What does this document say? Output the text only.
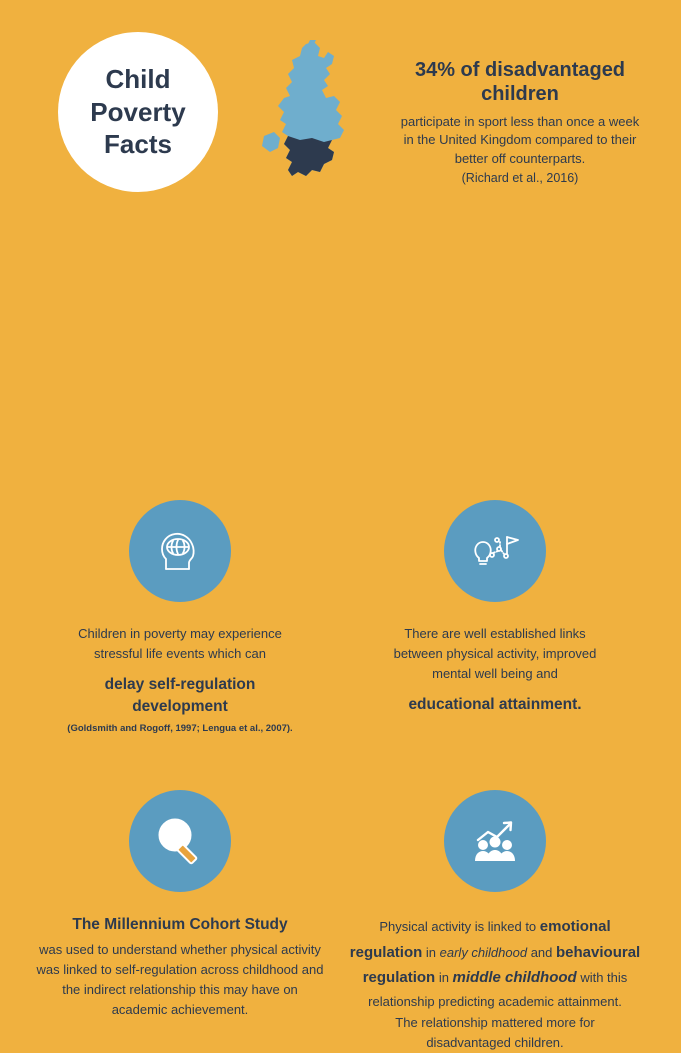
Child
Poverty
Facts

34% of disadvantaged children

participate in sport less than once a week

in the United Kingdom compared to their

better off counterparts.

(Richard et al., 2016)

Children in poverty may experience

stressful life events which can

delay self-regulation

development

(Goldsmith and Rogoff, 1997; Lengua et al., 2007).

There are well established links

between physical activity, improved

mental well being and

educational attainment.

The Millennium Cohort Study

was used to understand whether physical activity

was linked to self-regulation across childhood and

the indirect relationship this may have on

academic achievement.

Physical activity is linked to emotional regulation in early childhood and behavioural regulation in middle childhood with this relationship predicting academic attainment.

The relationship mattered more for

disadvantaged children.
